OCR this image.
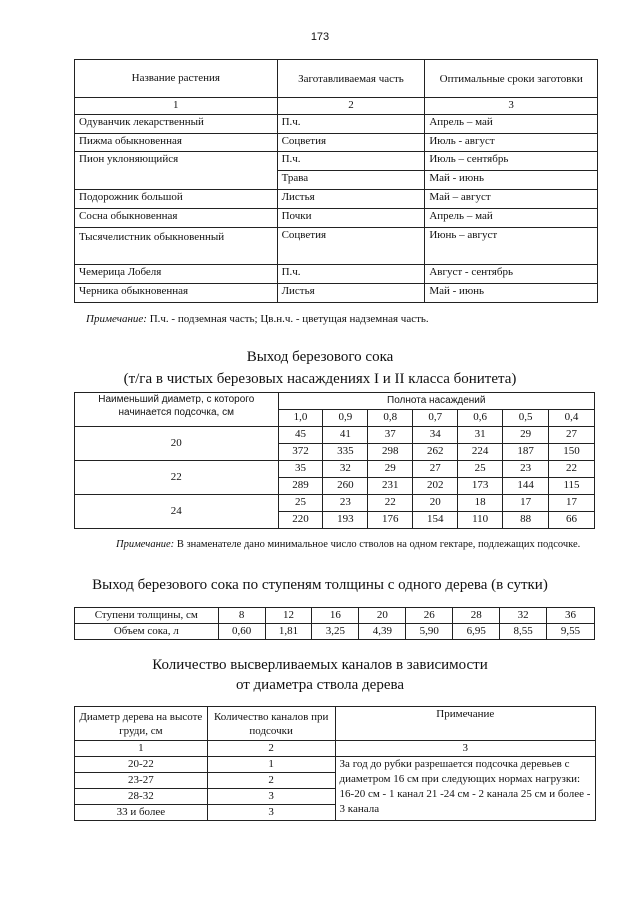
173
Название растения	Заготавливаемая часть	Оптимальные сроки заготовки
1	2	3
Одуванчик лекарственный	П.ч.	Апрель – май
Пижма обыкновенная	Соцветия	Июль - август
Пион уклоняющийся	П.ч.	Июль – сентябрь
	Трава	Май - июнь
Подорожник большой	Листья	Май – август
Сосна обыкновенная	Почки	Апрель – май
Тысячелистник обыкновенный	Соцветия	Июнь – август
Чемерица Лобеля	П.ч.	Август - сентябрь
Черника обыкновенная	Листья	Май - июнь
Примечание: П.ч. - подземная часть; Цв.н.ч. - цветущая надземная часть.
Выход березового сока
(т/га в чистых березовых насаждениях I и II класса бонитета)
Наименьший диаметр, с которого начинается подсочка, см	Полнота насаждений						
	1,0	0,9	0,8	0,7	0,6	0,5	0,4
20	45	41	37	34	31	29	27
	372	335	298	262	224	187	150
22	35	32	29	27	25	23	22
	289	260	231	202	173	144	115
24	25	23	22	20	18	17	17
	220	193	176	154	110	88	66
Примечание: В знаменателе дано минимальное число стволов на одном гектаре, подлежащих подсочке.
Выход березового сока по ступеням толщины с одного дерева (в сутки)
Ступени толщины, см	8	12	16	20	26	28	32	36
Объем сока, л	0,60	1,81	3,25	4,39	5,90	6,95	8,55	9,55
Количество высверливаемых каналов в зависимости
от диаметра ствола дерева
Диаметр дерева на высоте груди, см	Количество каналов при подсочки	Примечание
1	2	3
20-22	1	За год до рубки разрешается подсочка деревьев с диаметром 16 см при следующих нормах нагрузки: 16-20 см - 1 канал 21 -24 см - 2 канала 25 см и более - 3 канала
23-27	2	
28-32	3	
33 и более	3	
